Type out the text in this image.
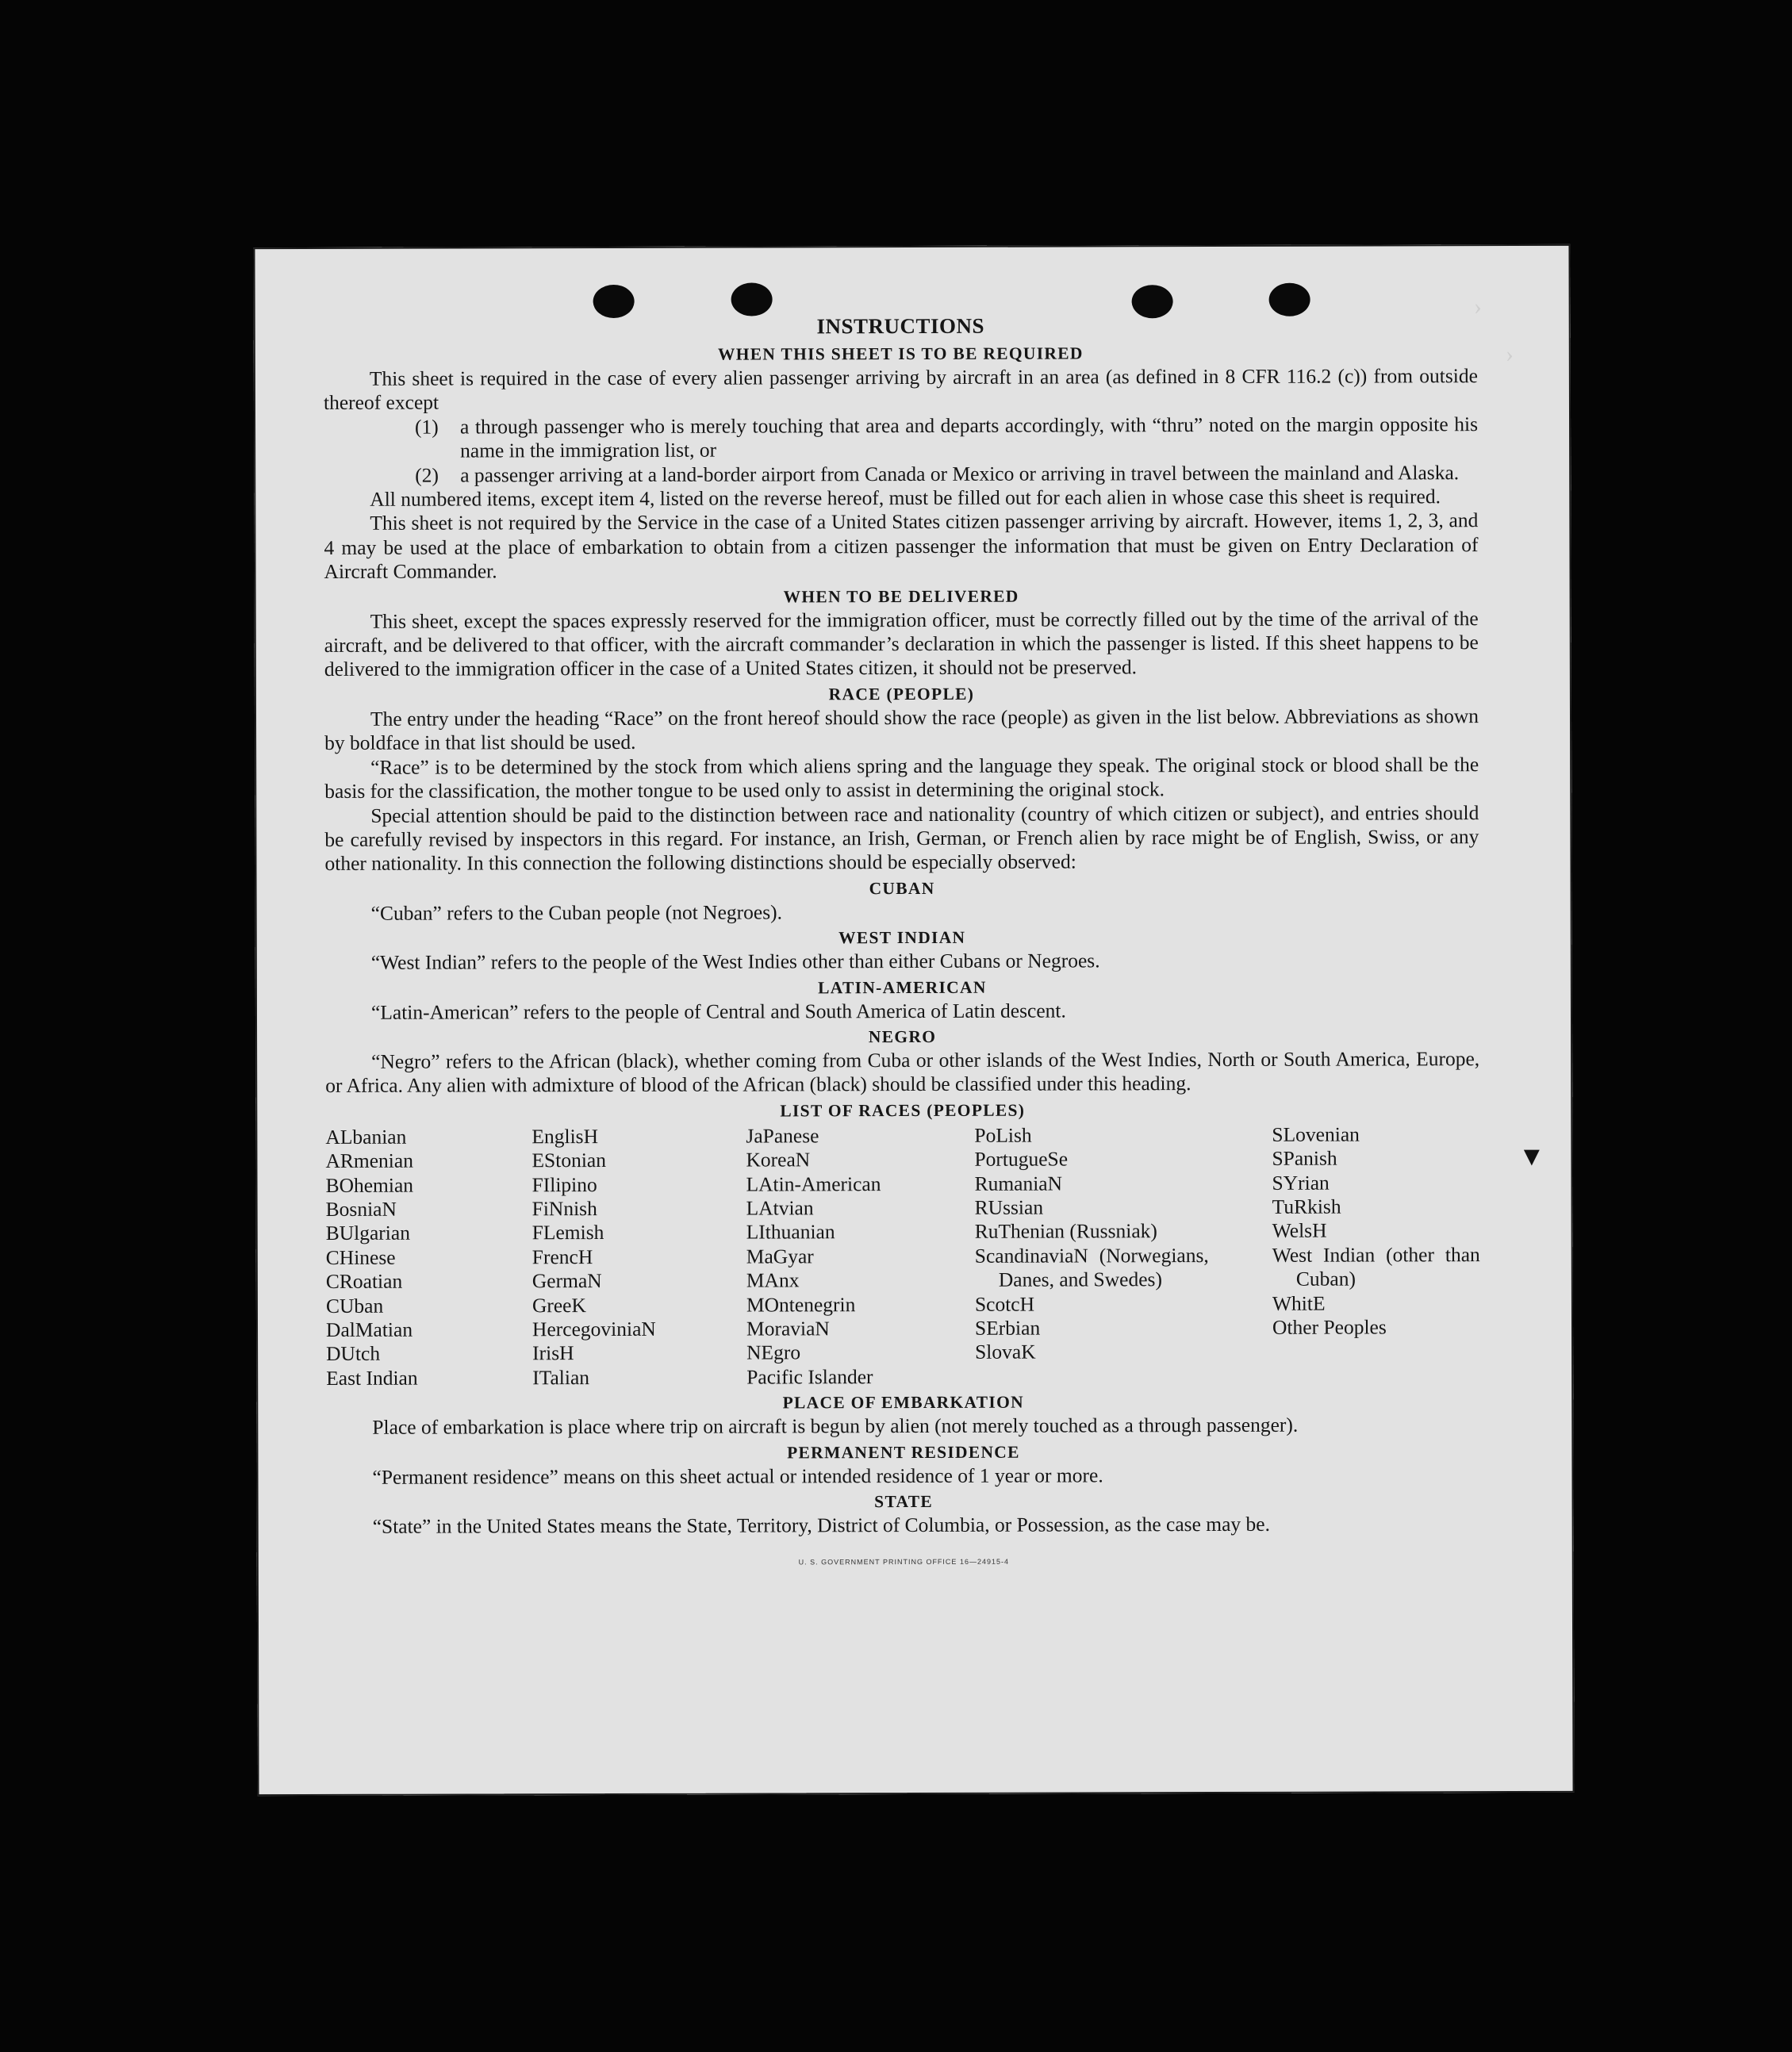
INSTRUCTIONS
WHEN THIS SHEET IS TO BE REQUIRED

This sheet is required in the case of every alien passenger arriving by aircraft in an area (as defined in 8 CFR 116.2 (c)) from outside thereof except

(1) a through passenger who is merely touching that area and departs accordingly, with “thru” noted on the margin opposite his name in the immigration list, or

(2) a passenger arriving at a land-border airport from Canada or Mexico or arriving in travel between the mainland and Alaska.

All numbered items, except item 4, listed on the reverse hereof, must be filled out for each alien in whose case this sheet is required.

This sheet is not required by the Service in the case of a United States citizen passenger arriving by aircraft. However, items 1, 2, 3, and 4 may be used at the place of embarkation to obtain from a citizen passenger the information that must be given on Entry Declaration of Aircraft Commander.

WHEN TO BE DELIVERED

This sheet, except the spaces expressly reserved for the immigration officer, must be correctly filled out by the time of the arrival of the aircraft, and be delivered to that officer, with the aircraft commander’s declaration in which the passenger is listed. If this sheet happens to be delivered to the immigration officer in the case of a United States citizen, it should not be preserved.

RACE (PEOPLE)

The entry under the heading “Race” on the front hereof should show the race (people) as given in the list below. Abbreviations as shown by boldface in that list should be used.

“Race” is to be determined by the stock from which aliens spring and the language they speak. The original stock or blood shall be the basis for the classification, the mother tongue to be used only to assist in determining the original stock.

Special attention should be paid to the distinction between race and nationality (country of which citizen or subject), and entries should be carefully revised by inspectors in this regard. For instance, an Irish, German, or French alien by race might be of English, Swiss, or any other nationality. In this connection the following distinctions should be especially observed:

CUBAN

“Cuban” refers to the Cuban people (not Negroes).

WEST INDIAN

“West Indian” refers to the people of the West Indies other than either Cubans or Negroes.

LATIN-AMERICAN

“Latin-American” refers to the people of Central and South America of Latin descent.

NEGRO

“Negro” refers to the African (black), whether coming from Cuba or other islands of the West Indies, North or South America, Europe, or Africa. Any alien with admixture of blood of the African (black) should be classified under this heading.

LIST OF RACES (PEOPLES)
ALbanian
ARmenian
BOhemian
BosniaN
BUlgarian
CHinese
CRoatian
CUban
DalMatian
DUtch
East Indian
EnglisH
EStonian
FIlipino
FiNnish
FLemish
FrencH
GermaN
GreeK
HercegoviniaN
IrisH
ITalian
JaPanese
KoreaN
LAtin-American
LAtvian
LIthuanian
MaGyar
MAnx
MOntenegrin
MoraviaN
NEgro
Pacific Islander
PoLish
PortugueSe
RumaniaN
RUssian
RuThenian (Russniak)
ScandinaviaN (Norwegians, Danes, and Swedes)
ScotcH
SErbian
SlovaK
SLovenian
SPanish
SYrian
TuRkish
WelsH
West Indian (other than Cuban)
WhitE
Other Peoples
PLACE OF EMBARKATION

Place of embarkation is place where trip on aircraft is begun by alien (not merely touched as a through passenger).

PERMANENT RESIDENCE

“Permanent residence” means on this sheet actual or intended residence of 1 year or more.

STATE

“State” in the United States means the State, Territory, District of Columbia, or Possession, as the case may be.

U. S. GOVERNMENT PRINTING OFFICE 16—24915-4
›
›
▼
